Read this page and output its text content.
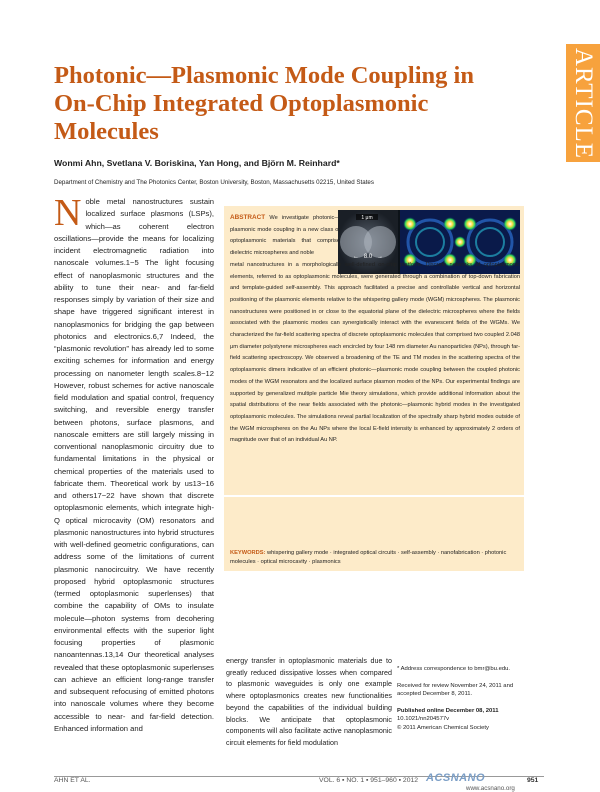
ARTICLE
Photonic—Plasmonic Mode Coupling in On-Chip Integrated Optoplasmonic Molecules
Wonmi Ahn, Svetlana V. Boriskina, Yan Hong, and Björn M. Reinhard*
Department of Chemistry and The Photonics Center, Boston University, Boston, Massachusetts 02215, United States
N oble metal nanostructures sustain localized surface plasmons (LSPs), which—as coherent electron oscillations—provide the means for localizing incident electromagnetic radiation into nanoscale volumes.1−5 The light focusing effect of nanoplasmonic structures and the ability to tune their near- and far-field responses simply by variation of their size and shape have triggered significant interest in nanoplasmonics for bridging the gap between photonics and electronics.6,7 Indeed, the “plasmonic revolution” has already led to some exciting schemes for information and energy processing on nanometer length scales.8−12 However, robust schemes for active nanoscale field modulation and spatial control, frequency switching, and reversible energy transfer between photons, surface plasmons, and nanoscale emitters are still largely missing in conventional nanoplasmonic circuitry due to fundamental limitations in the physical or chemical properties of the materials used to fabricate them. Theoretical work by us13−16 and others17−22 have shown that discrete optoplasmonic elements, which integrate high-Q optical microcavity (OM) resonators and plasmonic nanostructures into hybrid structures with well-defined geometric configurations, can address some of the limitations of current plasmonic nanocircuitry. We have recently proposed hybrid optoplasmonic structures (termed optoplasmonic superlenses) that combine the capability of OMs to insulate molecule—photon systems from decohering environmental effects with the superior light focusing properties of plasmonic nanoantennas.13,14 Our theoretical analyses revealed that these optoplasmonic superlenses can achieve an efficient long-range transfer and subsequent refocusing of emitted photons into nanoscale volumes where they become accessible to near- and far-field detection. Enhanced information and
1 μm
8.0
←	→
ABSTRACT We investigate photonic—plasmonic mode coupling in a new class of optoplasmonic materials that comprise dielectric microspheres and noble
metal nanostructures in a morphologically well-defined on-chip platform. Discrete networks of optoplasmonic elements, referred to as optoplasmonic molecules, were generated through a combination of top-down fabrication and template-guided self-assembly. This approach facilitated a precise and controllable vertical and horizontal positioning of the plasmonic elements relative to the whispering gallery mode (WGM) microspheres. The plasmonic nanostructures were positioned in or close to the equatorial plane of the dielectric microspheres where the fields associated with the plasmonic modes can synergistically interact with the evanescent fields of the WGMs. We characterized the far-field scattering spectra of discrete optoplasmonic molecules that comprised two coupled 2.048 μm diameter polystyrene microspheres each encircled by four 148 nm diameter Au nanoparticles (NPs), through far-field scattering spectroscopy. We observed a broadening of the TE and TM modes in the scattering spectra of the optoplasmonic dimers indicative of an efficient photonic—plasmonic mode coupling between the coupled photonic modes of the WGM resonators and the localized surface plasmon modes of the NPs. Our experimental findings are supported by generalized multiple particle Mie theory simulations, which provide additional information about the spatial distributions of the near fields associated with the photonic—plasmonic hybrid modes in the investigated optoplasmonic molecules. The simulations reveal partial localization of the spectrally sharp hybrid modes outside of the WGM microspheres on the Au NPs where the local E-field intensity is enhanced by approximately 2 orders of magnitude over that of an individual Au NP.
KEYWORDS: whispering gallery mode · integrated optical circuits · self-assembly · nanofabrication · photonic molecules · optical microcavity · plasmonics
energy transfer in optoplasmonic materials due to greatly reduced dissipative losses when compared to plasmonic waveguides is only one example where optoplasmonics creates new functionalities beyond the capabilities of the individual building blocks. We anticipate that optoplasmonic components will also facilitate active nanoplasmonic circuit elements for field modulation

* Address correspondence to bmr@bu.edu.

Received for review November 24, 2011 and accepted December 8, 2011.

Published online December 08, 2011
10.1021/nn204577v
© 2011 American Chemical Society
AHN ET AL.	VOL. 6 ▪ NO. 1 ▪ 951–960 ▪ 2012 ACSNANO
www.acsnano.org
951
